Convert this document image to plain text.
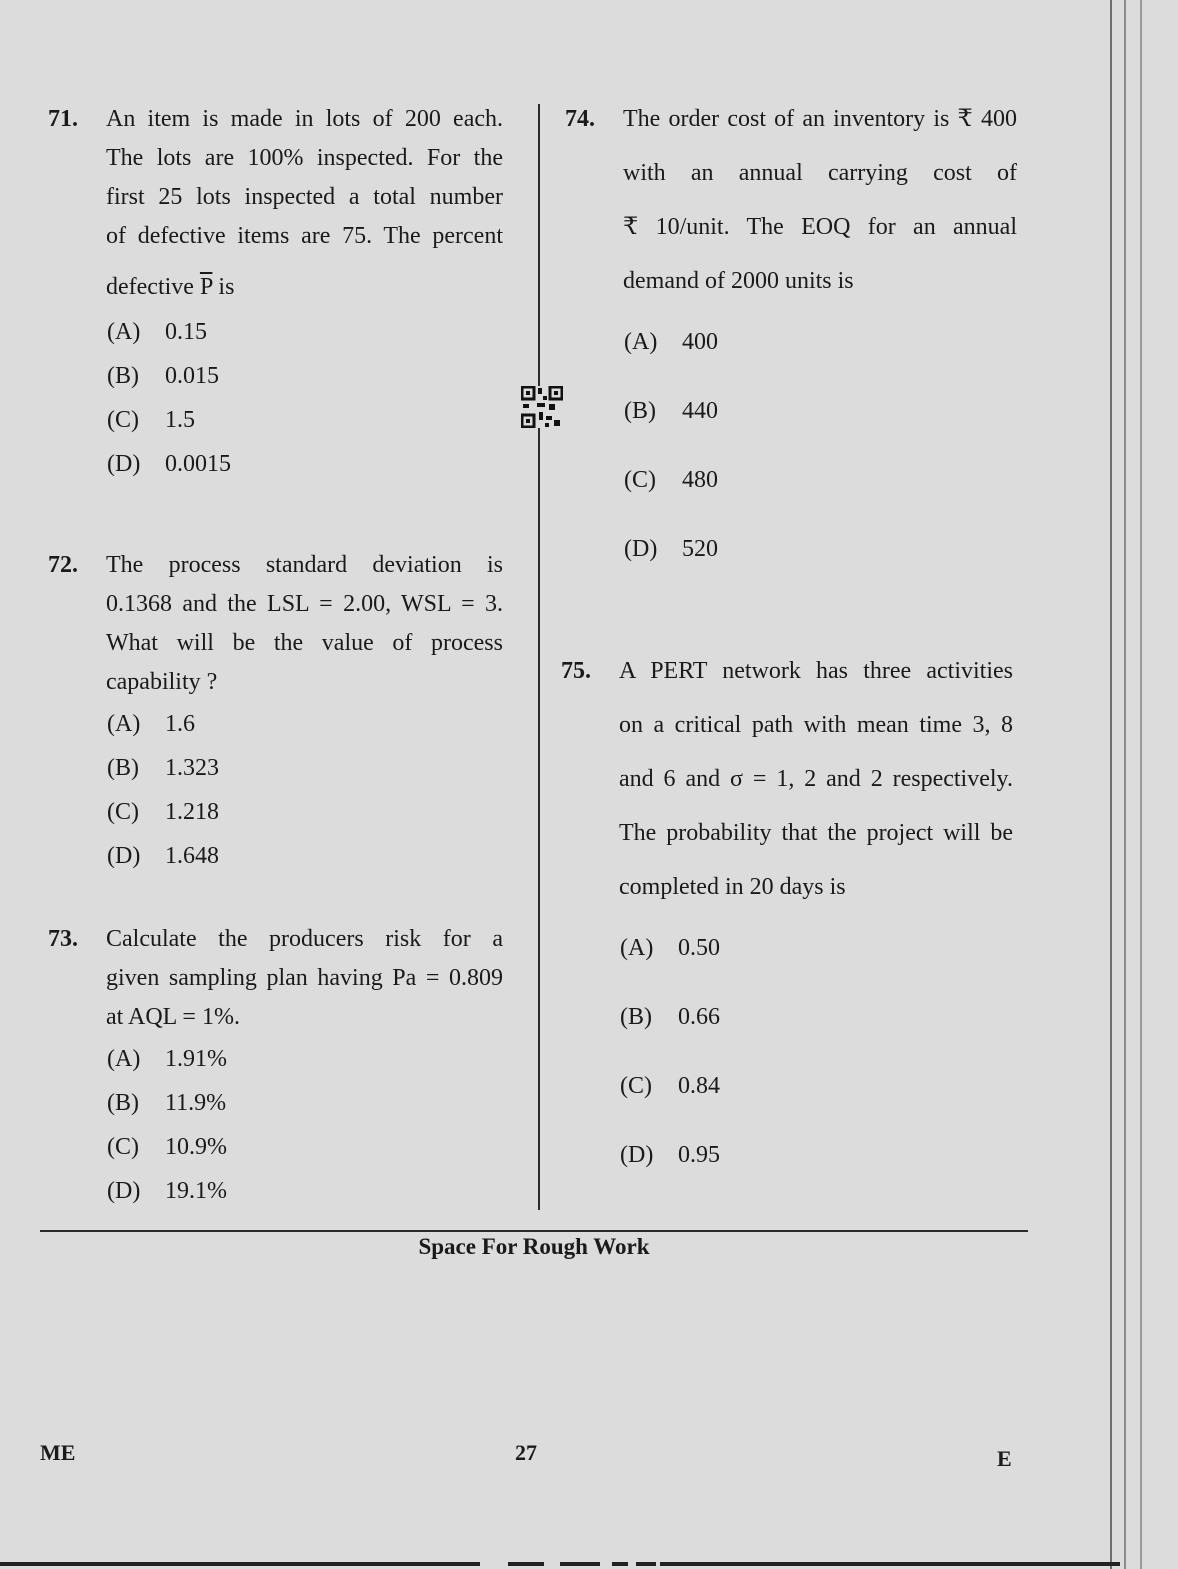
71. An item is made in lots of 200 each.
The lots are 100% inspected. For the
first 25 lots inspected a total number
of defective items are 75. The percent
defective $\overline{P}$ is
(A) 0.15
(B) 0.015
(C) 1.5
(D) 0.0015
72. The process standard deviation is
0.1368 and the LSL = 2.00, WSL = 3.
What will be the value of process
capability ?
(A) 1.6
(B) 1.323
(C) 1.218
(D) 1.648
73. Calculate the producers risk for a
given sampling plan having Pa = 0.809
at AQL = 1%.
(A) 1.91%
(B) 11.9%
(C) 10.9%
(D) 19.1%
74. The order cost of an inventory is ₹ 400
with an annual carrying cost of
₹ 10/unit. The EOQ for an annual
demand of 2000 units is
(A) 400
(B) 440
(C) 480
(D) 520
75. A PERT network has three activities
on a critical path with mean time 3, 8
and 6 and σ = 1, 2 and 2 respectively.
The probability that the project will be
completed in 20 days is
(A) 0.50
(B) 0.66
(C) 0.84
(D) 0.95
Space For Rough Work
ME	27	E
